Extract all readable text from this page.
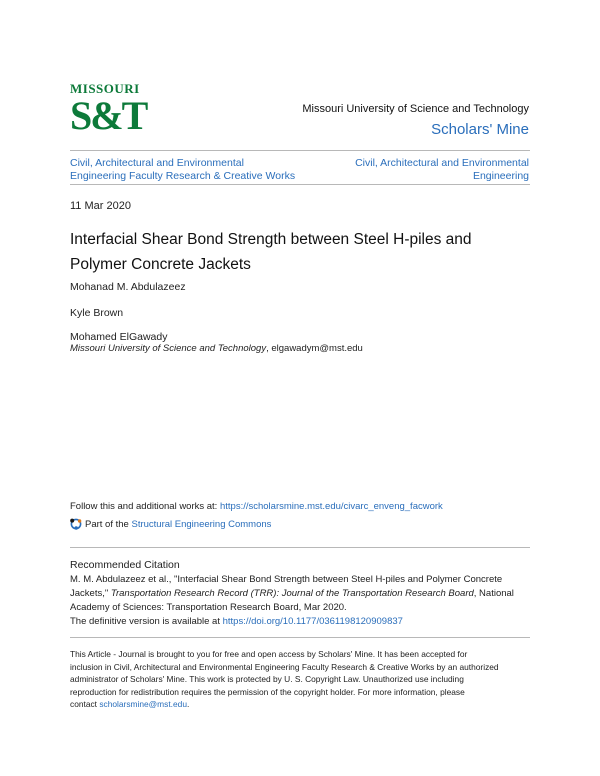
MISSOURI
S&T	Missouri University of Science and Technology
Scholars' Mine
Civil, Architectural and Environmental
Engineering Faculty Research & Creative Works
Civil, Architectural and Environmental
Engineering
11 Mar 2020
Interfacial Shear Bond Strength between Steel H-piles and
Polymer Concrete Jackets
Mohanad M. Abdulazeez
Kyle Brown
Mohamed ElGawady
Missouri University of Science and Technology, elgawadym@mst.edu
Follow this and additional works at: https://scholarsmine.mst.edu/civarc_enveng_facwork
Part of the
Structural Engineering Commons
Recommended Citation
M. M. Abdulazeez et al., "Interfacial Shear Bond Strength between Steel H-piles and Polymer Concrete
Jackets," Transportation Research Record (TRR): Journal of the Transportation Research Board, National
Academy of Sciences: Transportation Research Board, Mar 2020.
The definitive version is available at https://doi.org/10.1177/0361198120909837
This Article - Journal is brought to you for free and open access by Scholars' Mine. It has been accepted for
inclusion in Civil, Architectural and Environmental Engineering Faculty Research & Creative Works by an authorized
administrator of Scholars' Mine. This work is protected by U. S. Copyright Law. Unauthorized use including
reproduction for redistribution requires the permission of the copyright holder. For more information, please
contact scholarsmine@mst.edu.
